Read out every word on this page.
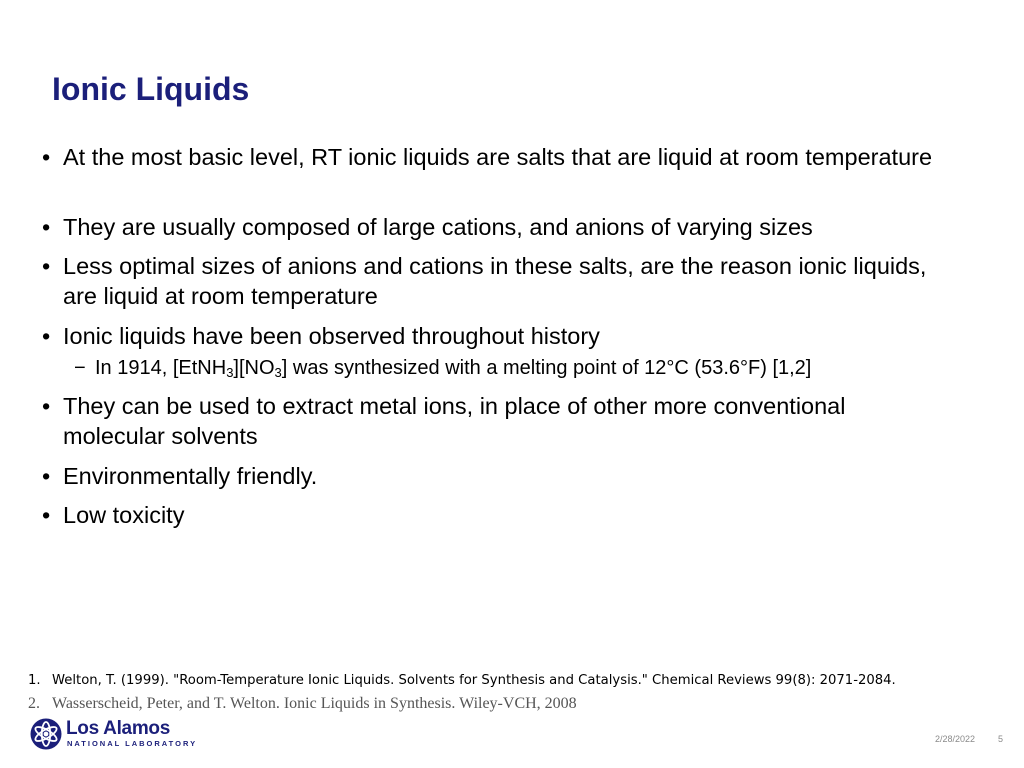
Ionic Liquids
• At the most basic level, RT ionic liquids are salts that are liquid at room temperature
• They are usually composed of large cations, and anions of varying sizes
• Less optimal sizes of anions and cations in these salts, are the reason ionic liquids, are liquid at room temperature
• Ionic liquids have been observed throughout history
− In 1914, $[EtNH_3][NO_3]$ was synthesized with a melting point of 12°C (53.6°F) [1,2]
• They can be used to extract metal ions, in place of other more conventional molecular solvents
• Environmentally friendly.
• Low toxicity
1. Welton, T. (1999). "Room-Temperature Ionic Liquids. Solvents for Synthesis and Catalysis." Chemical Reviews 99(8): 2071-2084.
2. Wasserscheid, Peter, and T. Welton. Ionic Liquids in Synthesis. Wiley-VCH, 2008
Los Alamos
NATIONAL LABORATORY	2/28/2022	5
